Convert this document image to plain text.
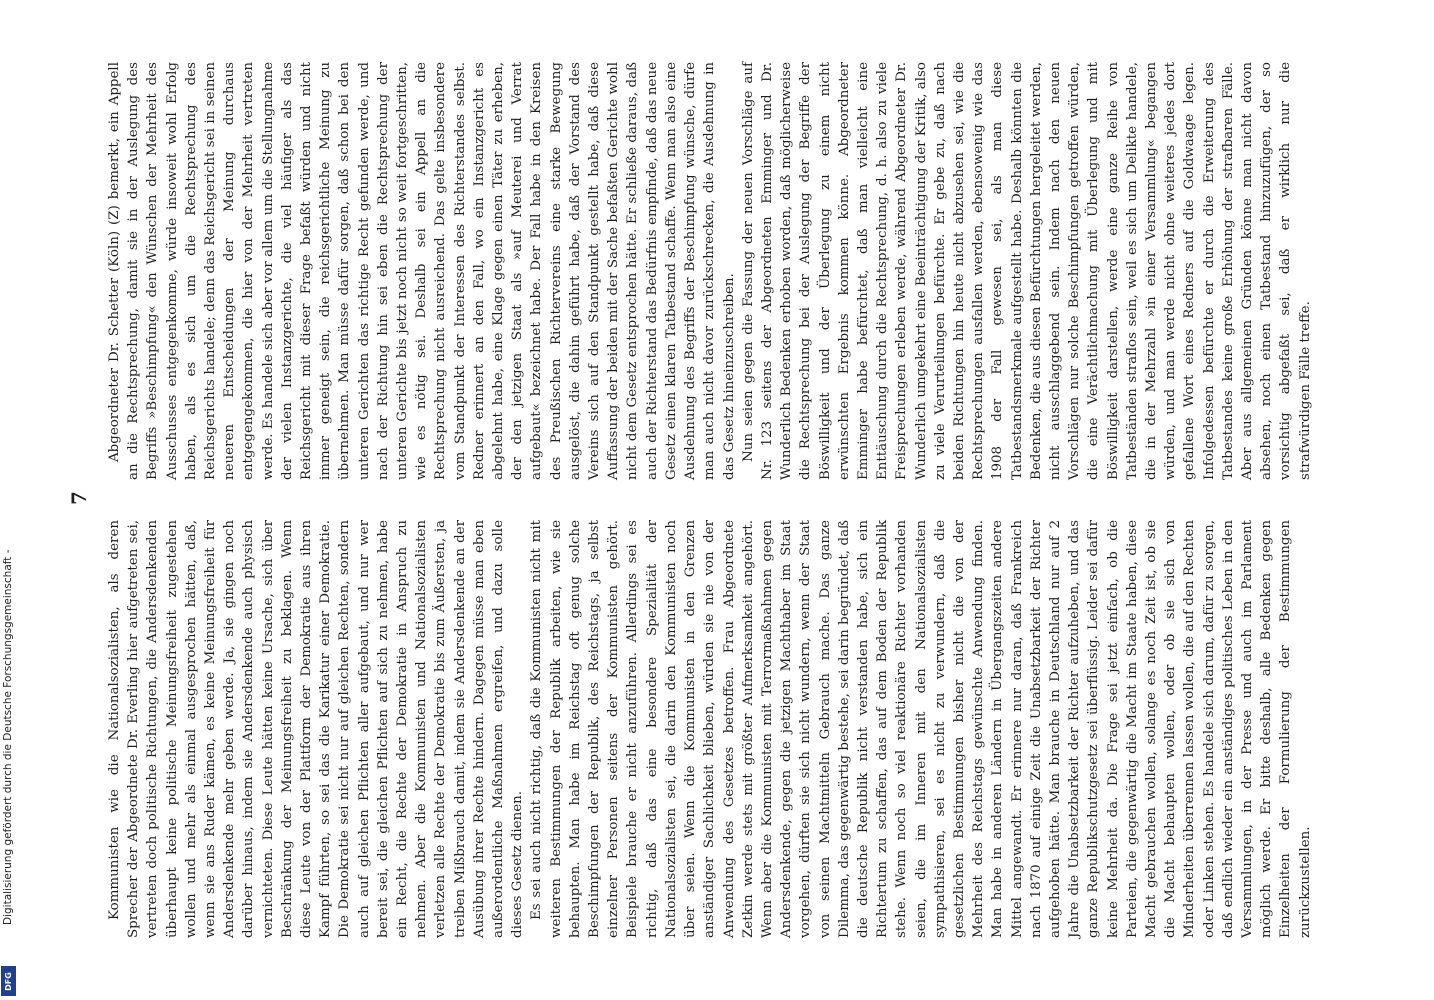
7

Kommunisten wie die Nationalsozialisten, als deren Sprecher der Abgeordnete Dr. Everling hier aufgetreten sei, vertreten doch politische Richtungen, die Andersdenkenden überhaupt keine politische Meinungsfreiheit zugestehen wollen und mehr als einmal ausgesprochen hätten, daß, wenn sie ans Ruder kämen, es keine Meinungsfreiheit für Andersdenkende mehr geben werde. Ja, sie gingen noch darüber hinaus, indem sie Andersdenkende auch physisch vernichteten. Diese Leute hätten keine Ursache, sich über Beschränkung der Meinungsfreiheit zu beklagen. Wenn diese Leute von der Plattform der Demokratie aus ihren Kampf führten, so sei das die Karikatur einer Demokratie. Die Demokratie sei nicht nur auf gleichen Rechten, sondern auch auf gleichen Pflichten aller aufgebaut, und nur wer bereit sei, die gleichen Pflichten auf sich zu nehmen, habe ein Recht, die Rechte der Demokratie in Anspruch zu nehmen. Aber die Kommunisten und Nationalsozialisten verletzen alle Rechte der Demokratie bis zum Äußersten, ja treiben Mißbrauch damit, indem sie Andersdenkende an der Ausübung ihrer Rechte hindern. Dagegen müsse man eben außerordentliche Maßnahmen ergreifen, und dazu solle dieses Gesetz dienen. Es sei auch nicht richtig, daß die Kommunisten nicht mit weiteren Bestimmungen der Republik arbeiten, wie sie behaupten. Man habe im Reichstag oft genug solche Beschimpfungen der Republik, des Reichstags, ja selbst einzelner Personen seitens der Kommunisten gehört. Beispiele brauche er nicht anzuführen. Allerdings sei es richtig, daß das eine besondere Spezialität der Nationalsozialisten sei, die darin den Kommunisten noch über seien. Wenn die Kommunisten in den Grenzen anständiger Sachlichkeit blieben, würden sie nie von der Anwendung des Gesetzes betroffen. Frau Abgeordnete Zetkin werde stets mit größter Aufmerksamkeit angehört. Wenn aber die Kommunisten mit Terrormaßnahmen gegen Andersdenkende, gegen die jetzigen Machthaber im Staat vorgehen, dürften sie sich nicht wundern, wenn der Staat von seinen Machtmitteln Gebrauch mache. Das ganze Dilemma, das gegenwärtig bestehe, sei darin begründet, daß die deutsche Republik nicht verstanden habe, sich ein Richtertum zu schaffen, das auf dem Boden der Republik stehe. Wenn noch so viel reaktionäre Richter vorhanden seien, die im Inneren mit den Nationalsozialisten sympathisieren, sei es nicht zu verwundern, daß die gesetzlichen Bestimmungen bisher nicht die von der Mehrheit des Reichstags gewünschte Anwendung finden. Man habe in anderen Ländern in Übergangszeiten andere Mittel angewandt. Er erinnere nur daran, daß Frankreich nach 1870 auf einige Zeit die Unabsetzbarkeit der Richter aufgehoben hätte. Man brauche in Deutschland nur auf 2 Jahre die Unabsetzbarkeit der Richter aufzuheben, und das ganze Republikschutzgesetz sei überflüssig. Leider sei dafür keine Mehrheit da. Die Frage sei jetzt einfach, ob die Parteien, die gegenwärtig die Macht im Staate haben, diese Macht gebrauchen wollen, solange es noch Zeit ist, ob sie die Macht behaupten wollen, oder ob sie sich von Minderheiten überrennen lassen wollen, die auf den Rechten oder Linken stehen. Es handele sich darum, dafür zu sorgen, daß endlich wieder ein anständiges politisches Leben in den Versammlungen, in der Presse und auch im Parlament möglich werde. Er bitte deshalb, alle Bedenken gegen Einzelheiten der Formulierung der Bestimmungen zurückzustellen.

Abgeordneter Dr. Schetter (Köln) (Z) bemerkt, ein Appell an die Rechtsprechung, damit sie in der Auslegung des Begriffs »Beschimpfung« den Wünschen der Mehrheit des Ausschusses entgegenkomme, würde insoweit wohl Erfolg haben, als es sich um die Rechtsprechung des Reichsgerichts handele; denn das Reichsgericht sei in seinen neueren Entscheidungen der Meinung durchaus entgegengekommen, die hier von der Mehrheit vertreten werde. Es handele sich aber vor allem um die Stellungnahme der vielen Instanzgerichte, die viel häufiger als das Reichsgericht mit dieser Frage befaßt würden und nicht immer geneigt sein, die reichsgerichtliche Meinung zu übernehmen. Man müsse dafür sorgen, daß schon bei den unteren Gerichten das richtige Recht gefunden werde, und nach der Richtung hin sei eben die Rechtsprechung der unteren Gerichte bis jetzt noch nicht so weit fortgeschritten, wie es nötig sei. Deshalb sei ein Appell an die Rechtsprechung nicht ausreichend. Das gelte insbesondere vom Standpunkt der Interessen des Richterstandes selbst. Redner erinnert an den Fall, wo ein Instanzgericht es abgelehnt habe, eine Klage gegen einen Täter zu erheben, der den jetzigen Staat als »auf Meuterei und Verrat aufgebaut« bezeichnet habe. Der Fall habe in den Kreisen des Preußischen Richtervereins eine starke Bewegung ausgelöst, die dahin geführt habe, daß der Vorstand des Vereins sich auf den Standpunkt gestellt habe, daß diese Auffassung der beiden mit der Sache befaßten Gerichte wohl nicht dem Gesetz entsprochen hätte. Er schließe daraus, daß auch der Richterstand das Bedürfnis empfinde, daß das neue Gesetz einen klaren Tatbestand schaffe. Wenn man also eine Ausdehnung des Begriffs der Beschimpfung wünsche, dürfe man auch nicht davor zurückschrecken, die Ausdehnung in das Gesetz hineinzuschreiben. Nun seien gegen die Fassung der neuen Vorschläge auf Nr. 123 seitens der Abgeordneten Emminger und Dr. Wunderlich Bedenken erhoben worden, daß möglicherweise die Rechtsprechung bei der Auslegung der Begriffe der Böswilligkeit und der Überlegung zu einem nicht erwünschten Ergebnis kommen könne. Abgeordneter Emminger habe befürchtet, daß man vielleicht eine Enttäuschung durch die Rechtsprechung, d. h. also zu viele Freisprechungen erleben werde, während Abgeordneter Dr. Wunderlich umgekehrt eine Beeinträchtigung der Kritik, also zu viele Verurteilungen befürchte. Er gebe zu, daß nach beiden Richtungen hin heute nicht abzusehen sei, wie die Rechtsprechungen ausfallen werden, ebensowenig wie das 1908 der Fall gewesen sei, als man diese Tatbestandsmerkmale aufgestellt habe. Deshalb könnten die Bedenken, die aus diesen Befürchtungen hergeleitet werden, nicht ausschlaggebend sein. Indem nach den neuen Vorschlägen nur solche Beschimpfungen getroffen würden, die eine Verächtlichmachung mit Überlegung und mit Böswilligkeit darstellen, werde eine ganze Reihe von Tatbeständen straflos sein, weil es sich um Delikte handele, die in der Mehrzahl »in einer Versammlung« begangen würden, und man werde nicht ohne weiteres jedes dort gefallene Wort eines Redners auf die Goldwaage legen. Infolgedessen befürchte er durch die Erweiterung des Tatbestandes keine große Erhöhung der strafbaren Fälle. Aber aus allgemeinen Gründen könne man nicht davon absehen, noch einen Tatbestand hinzuzufügen, der so vorsichtig abgefaßt sei, daß er wirklich nur die strafwürdigen Fälle treffe.

Digitalisierung gefördert durch die Deutsche Forschungsgemeinschaft -
DFG
